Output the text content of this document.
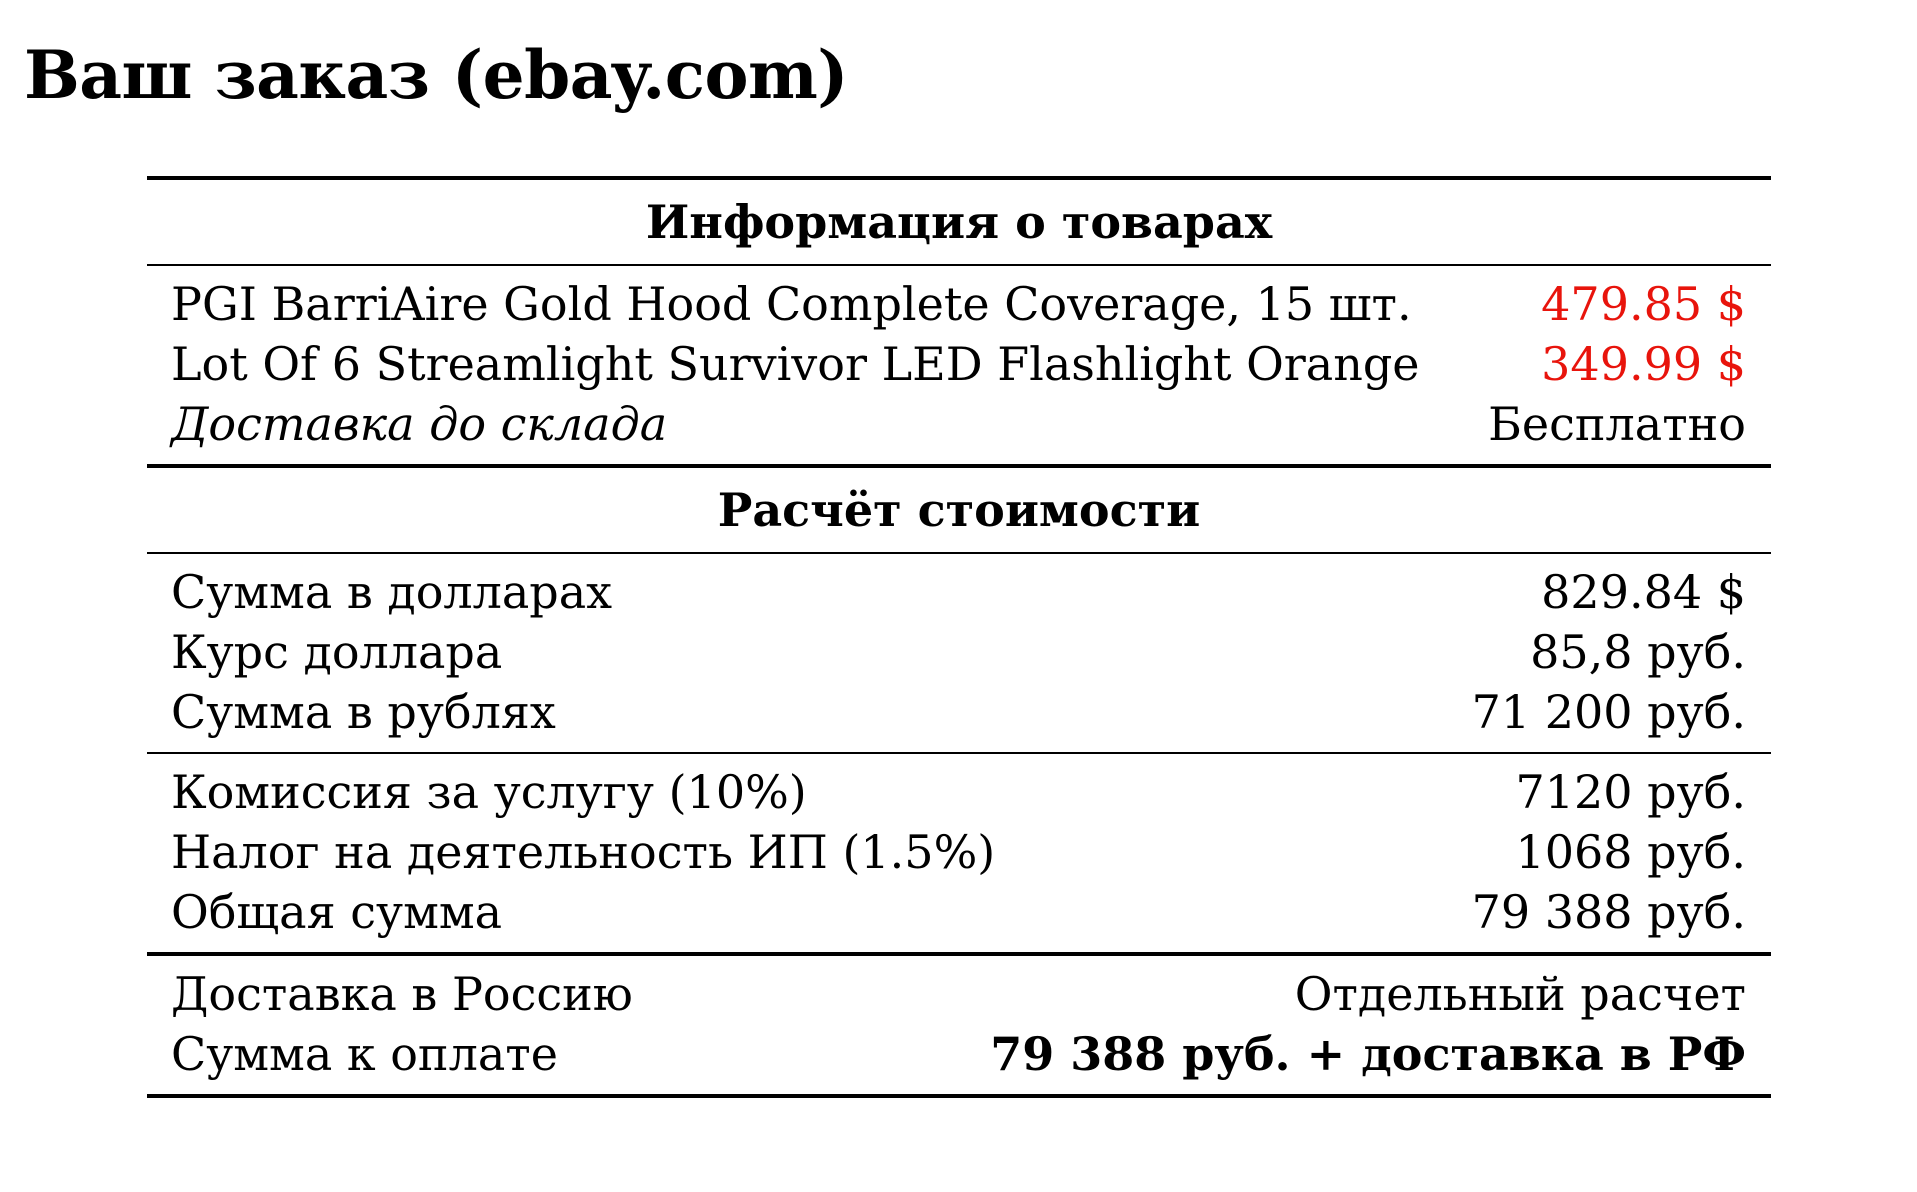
Ваш заказ (ebay.com)
Информация о товарах
PGI BarriAire Gold Hood Complete Coverage, 15 шт.	479.85 $
Lot Of 6 Streamlight Survivor LED Flashlight Orange	349.99 $
Доставка до склада	Бесплатно
Расчёт стоимости
Сумма в долларах	829.84 $
Курс доллара	85,8 руб.
Сумма в рублях	71 200 руб.
Комиссия за услугу (10%)	7120 руб.
Налог на деятельность ИП (1.5%)	1068 руб.
Общая сумма	79 388 руб.
Доставка в Россию	Отдельный расчет
Сумма к оплате	79 388 руб. + доставка в РФ
